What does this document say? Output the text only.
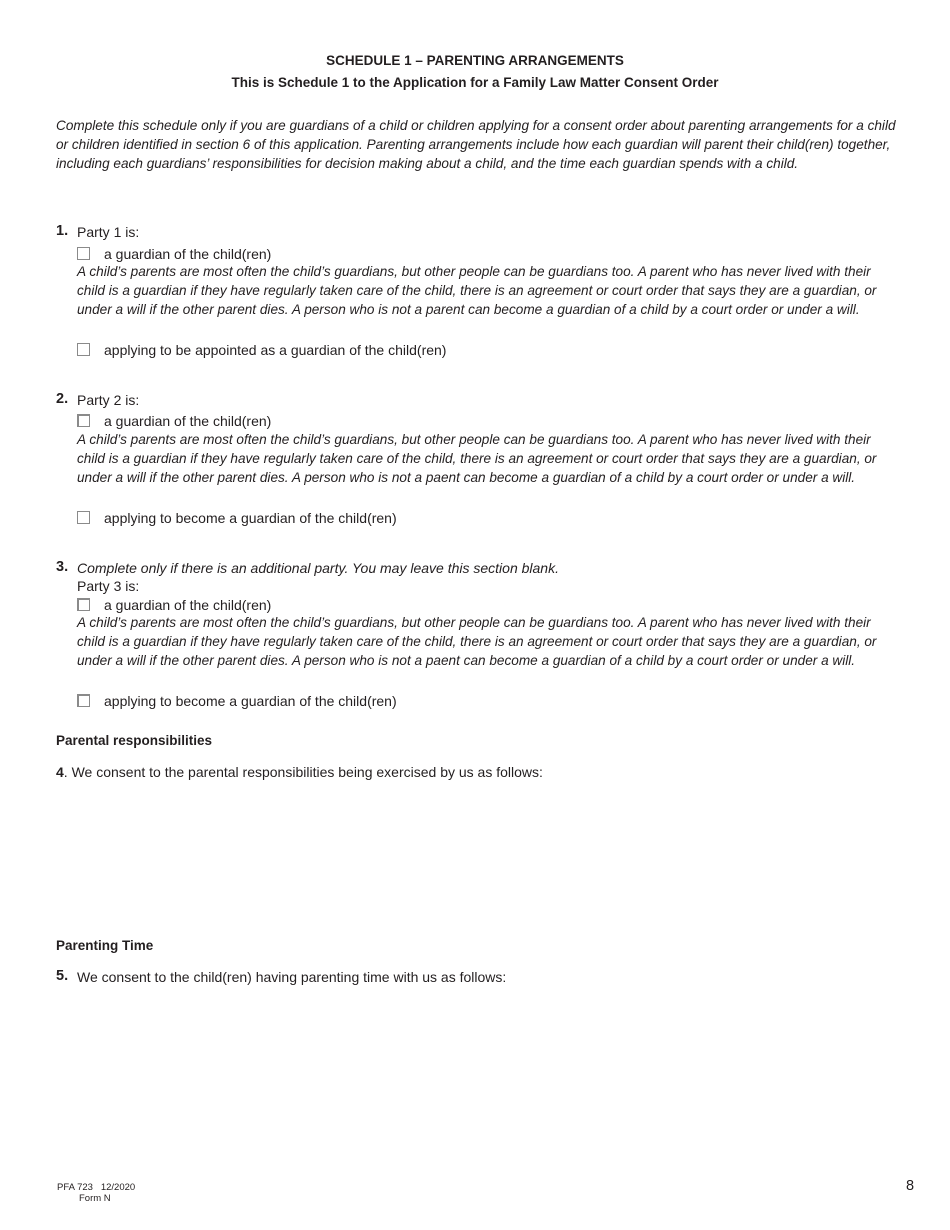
SCHEDULE 1 – PARENTING ARRANGEMENTS
This is Schedule 1 to the Application for a Family Law Matter Consent Order
Complete this schedule only if you are guardians of a child or children applying for a consent order about parenting arrangements for a child or children identified in section 6 of this application. Parenting arrangements include how each guardian will parent their child(ren) together, including each guardians’ responsibilities for decision making about a child, and the time each guardian spends with a child.
1. Party 1 is:
a guardian of the child(ren)
A child’s parents are most often the child’s guardians, but other people can be guardians too. A parent who has never lived with their child is a guardian if they have regularly taken care of the child, there is an agreement or court order that says they are a guardian, or under a will if the other parent dies. A person who is not a parent can become a guardian of a child by a court order or under a will.
applying to be appointed as a guardian of the child(ren)
2. Party 2 is:
a guardian of the child(ren)
A child’s parents are most often the child’s guardians, but other people can be guardians too. A parent who has never lived with their child is a guardian if they have regularly taken care of the child, there is an agreement or court order that says they are a guardian, or under a will if the other parent dies. A person who is not a paent can become a guardian of a child by a court order or under a will.
applying to become a guardian of the child(ren)
3. Complete only if there is an additional party. You may leave this section blank.
Party 3 is:
a guardian of the child(ren)
A child’s parents are most often the child’s guardians, but other people can be guardians too. A parent who has never lived with their child is a guardian if they have regularly taken care of the child, there is an agreement or court order that says they are a guardian, or under a will if the other parent dies. A person who is not a paent can become a guardian of a child by a court order or under a will.
applying to become a guardian of the child(ren)
Parental responsibilities
4. We consent to the parental responsibilities being exercised by us as follows:
Parenting Time
5. We consent to the child(ren) having parenting time with us as follows:
PFA 723   12/2020
Form N
8
